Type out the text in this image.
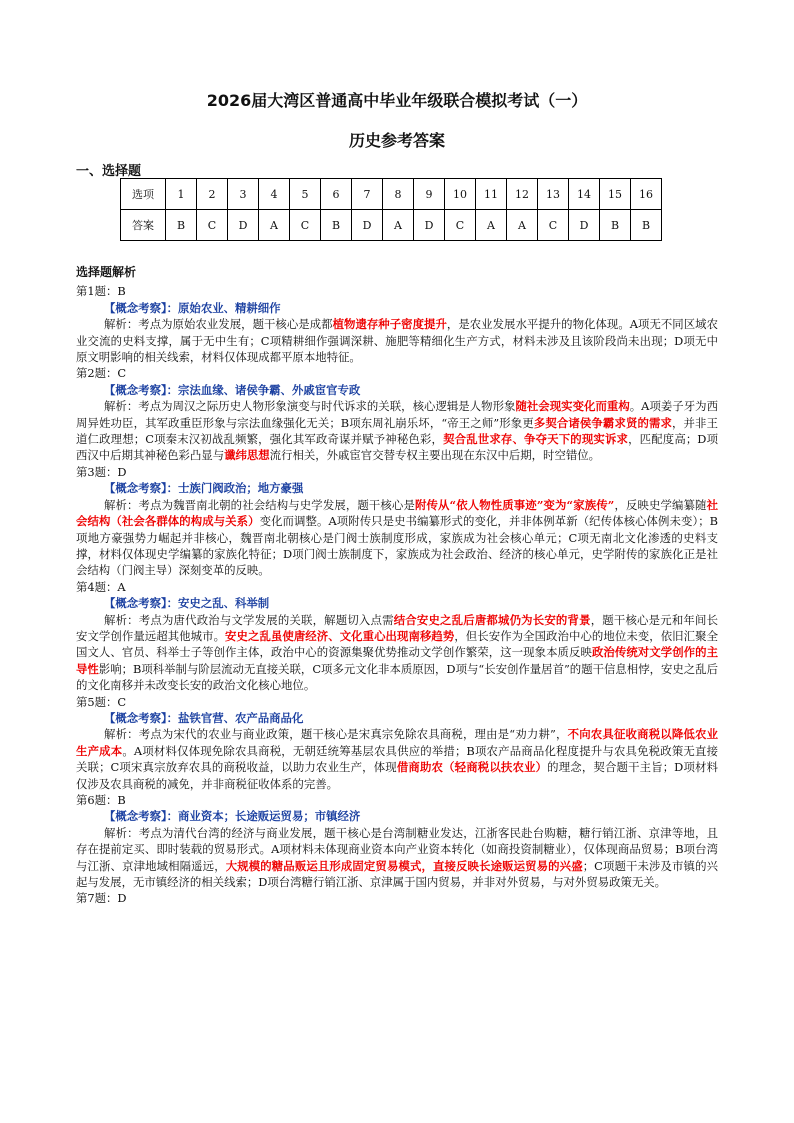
2026届大湾区普通高中毕业年级联合模拟考试（一）
历史参考答案
一、选择题
选项	1	2	3	4	5	6	7	8	9	10	11	12	13	14	15	16
答案	B	C	D	A	C	B	D	A	D	C	A	A	C	D	B	B
选择题解析

第1题：B

【概念考察】：原始农业、精耕细作

解析：考点为原始农业发展，题干核心是成都植物遗存种子密度提升，是农业发展水平提升的物化体现。A项无不同区域农业交流的史料支撑，属于无中生有；C项精耕细作强调深耕、施肥等精细化生产方式，材料未涉及且该阶段尚未出现；D项无中原文明影响的相关线索，材料仅体现成都平原本地特征。

第2题：C

【概念考察】：宗法血缘、诸侯争霸、外戚宦官专政

解析：考点为周汉之际历史人物形象演变与时代诉求的关联，核心逻辑是人物形象随社会现实变化而重构。A项姜子牙为西周异姓功臣，其军政重臣形象与宗法血缘强化无关；B项东周礼崩乐坏，“帝王之师”形象更多契合诸侯争霸求贤的需求，并非王道仁政理想；C项秦末汉初战乱频繁，强化其军政奇谋并赋予神秘色彩，契合乱世求存、争夺天下的现实诉求，匹配度高；D项西汉中后期其神秘色彩凸显与谶纬思想流行相关，外戚宦官交替专权主要出现在东汉中后期，时空错位。

第3题：D

【概念考察】：士族门阀政治；地方豪强

解析：考点为魏晋南北朝的社会结构与史学发展，题干核心是附传从“依人物性质事迹”变为“家族传”，反映史学编纂随社会结构（社会各群体的构成与关系）变化而调整。A项附传只是史书编纂形式的变化，并非体例革新（纪传体核心体例未变）；B项地方豪强势力崛起并非核心，魏晋南北朝核心是门阀士族制度形成，家族成为社会核心单元；C项无南北文化渗透的史料支撑，材料仅体现史学编纂的家族化特征；D项门阀士族制度下，家族成为社会政治、经济的核心单元，史学附传的家族化正是社会结构（门阀主导）深刻变革的反映。

第4题：A

【概念考察】：安史之乱、科举制

解析：考点为唐代政治与文学发展的关联，解题切入点需结合安史之乱后唐都城仍为长安的背景，题干核心是元和年间长安文学创作量远超其他城市。安史之乱虽使唐经济、文化重心出现南移趋势，但长安作为全国政治中心的地位未变，依旧汇聚全国文人、官员、科举士子等创作主体，政治中心的资源集聚优势推动文学创作繁荣，这一现象本质反映政治传统对文学创作的主导性影响；B项科举制与阶层流动无直接关联，C项多元文化非本质原因，D项与“长安创作量居首”的题干信息相悖，安史之乱后的文化南移并未改变长安的政治文化核心地位。

第5题：C

【概念考察】：盐铁官营、农产品商品化

解析：考点为宋代的农业与商业政策，题干核心是宋真宗免除农具商税，理由是“劝力耕”，不向农具征收商税以降低农业生产成本。A项材料仅体现免除农具商税，无朝廷统筹基层农具供应的举措；B项农产品商品化程度提升与农具免税政策无直接关联；C项宋真宗放弃农具的商税收益，以助力农业生产，体现借商助农（轻商税以扶农业）的理念，契合题干主旨；D项材料仅涉及农具商税的减免，并非商税征收体系的完善。

第6题：B

【概念考察】：商业资本；长途贩运贸易；市镇经济

解析：考点为清代台湾的经济与商业发展，题干核心是台湾制糖业发达，江浙客民赴台购糖，糖行销江浙、京津等地，且存在提前定买、即时装载的贸易形式。A项材料未体现商业资本向产业资本转化（如商投资制糖业），仅体现商品贸易；B项台湾与江浙、京津地域相隔遥远，大规模的糖品贩运且形成固定贸易模式，直接反映长途贩运贸易的兴盛；C项题干未涉及市镇的兴起与发展，无市镇经济的相关线索；D项台湾糖行销江浙、京津属于国内贸易，并非对外贸易，与对外贸易政策无关。

第7题：D
